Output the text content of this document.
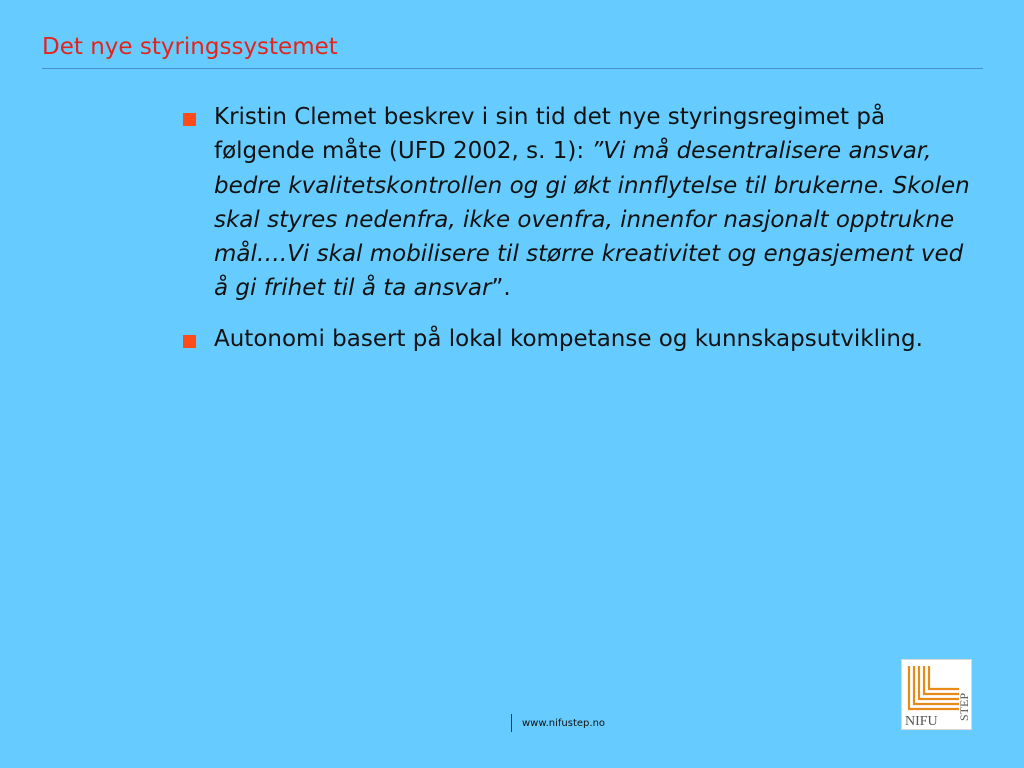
Det nye styringssystemet
Kristin Clemet beskrev i sin tid det nye styringsregimet på følgende måte (UFD 2002, s. 1): ”Vi må desentralisere ansvar, bedre kvalitetskontrollen og gi økt innflytelse til brukerne. Skolen skal styres nedenfra, ikke ovenfra, innenfor nasjonalt opptrukne mål….Vi skal mobilisere til større kreativitet og engasjement ved å gi frihet til å ta ansvar”.
Autonomi basert på lokal kompetanse og kunnskapsutvikling.
www.nifustep.no	NIFU
STEP
